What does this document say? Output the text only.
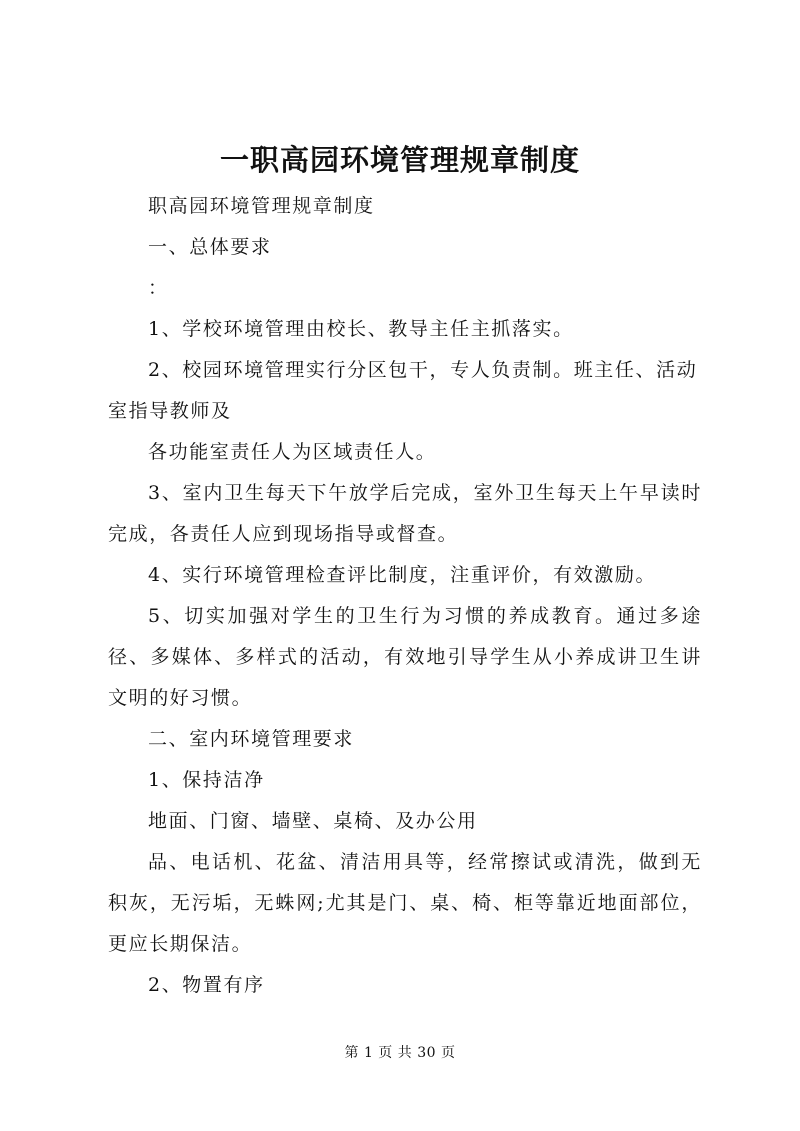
一职高园环境管理规章制度

职高园环境管理规章制度

一、总体要求

：

1、学校环境管理由校长、教导主任主抓落实。

2、校园环境管理实行分区包干，专人负责制。班主任、活动室指导教师及

各功能室责任人为区域责任人。

3、室内卫生每天下午放学后完成，室外卫生每天上午早读时完成，各责任人应到现场指导或督查。

4、实行环境管理检查评比制度，注重评价，有效激励。

5、切实加强对学生的卫生行为习惯的养成教育。通过多途径、多媒体、多样式的活动，有效地引导学生从小养成讲卫生讲文明的好习惯。

二、室内环境管理要求

1、保持洁净

地面、门窗、墙壁、桌椅、及办公用

品、电话机、花盆、清洁用具等，经常擦试或清洗，做到无积灰，无污垢，无蛛网;尤其是门、桌、椅、柜等靠近地面部位，更应长期保洁。

2、物置有序

第 1 页 共 30 页
